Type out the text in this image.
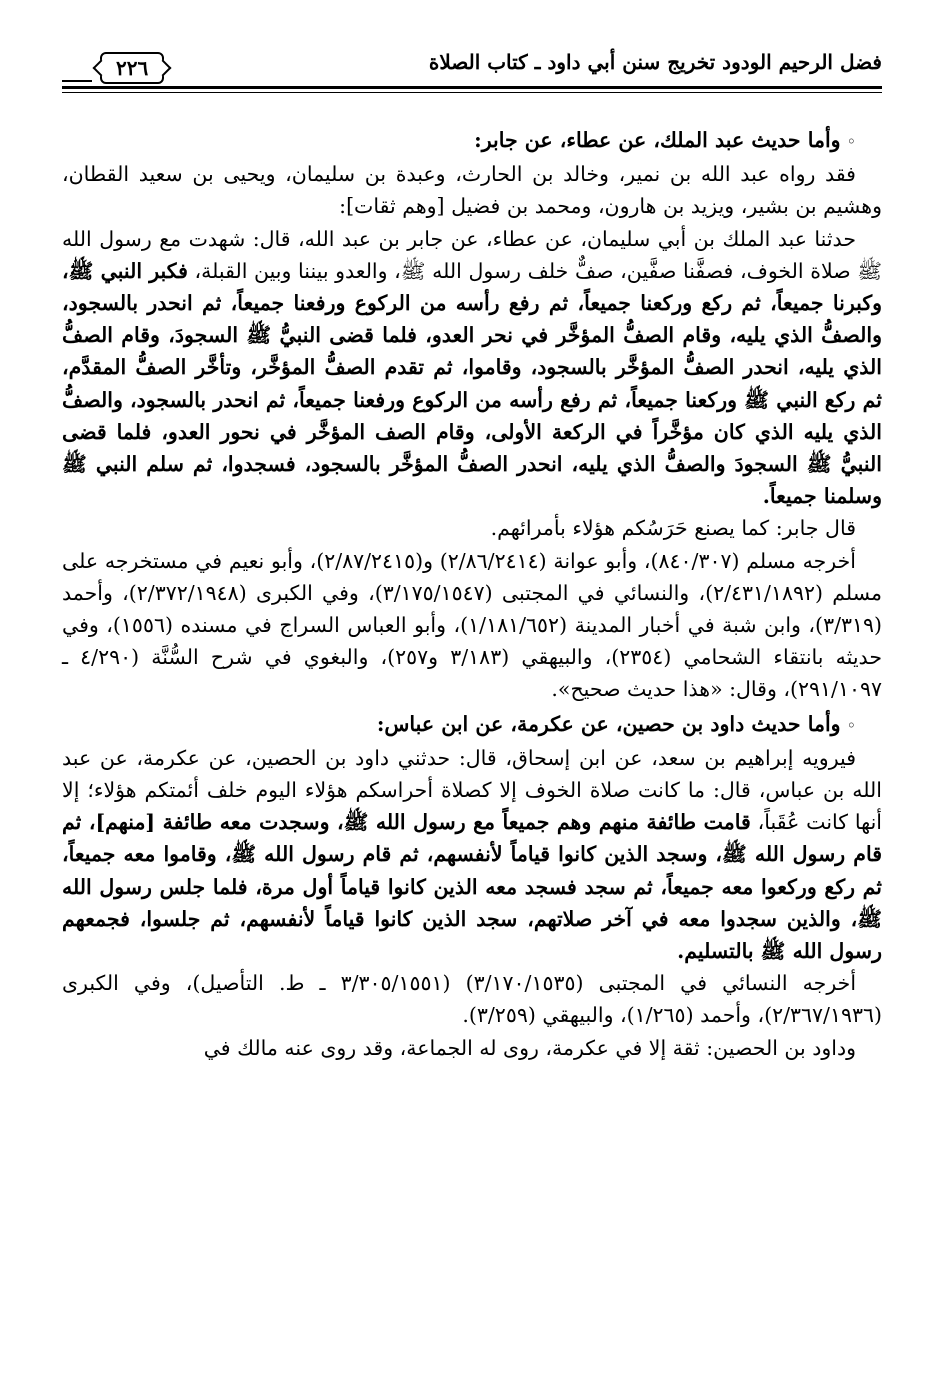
فضل الرحيم الودود تخريج سنن أبي داود ـ كتاب الصلاة
٢٢٦

◦وأما حديث عبد الملك، عن عطاء، عن جابر:

فقد رواه عبد الله بن نمير، وخالد بن الحارث، وعبدة بن سليمان، ويحيى بن سعيد القطان، وهشيم بن بشير، ويزيد بن هارون، ومحمد بن فضيل [وهم ثقات]:

حدثنا عبد الملك بن أبي سليمان، عن عطاء، عن جابر بن عبد الله، قال: شهدت مع رسول الله ﷺ صلاة الخوف، فصفَّنا صفَّين، صفٌّ خلف رسول الله ﷺ، والعدو بيننا وبين القبلة، فكبر النبي ﷺ، وكبرنا جميعاً، ثم ركع وركعنا جميعاً، ثم رفع رأسه من الركوع ورفعنا جميعاً، ثم انحدر بالسجود، والصفُّ الذي يليه، وقام الصفُّ المؤخَّر في نحر العدو، فلما قضى النبيُّ ﷺ السجودَ، وقام الصفُّ الذي يليه، انحدر الصفُّ المؤخَّر بالسجود، وقاموا، ثم تقدم الصفُّ المؤخَّر، وتأخَّر الصفُّ المقدَّم، ثم ركع النبي ﷺ وركعنا جميعاً، ثم رفع رأسه من الركوع ورفعنا جميعاً، ثم انحدر بالسجود، والصفُّ الذي يليه الذي كان مؤخَّراً في الركعة الأولى، وقام الصف المؤخَّر في نحور العدو، فلما قضى النبيُّ ﷺ السجودَ والصفُّ الذي يليه، انحدر الصفُّ المؤخَّر بالسجود، فسجدوا، ثم سلم النبي ﷺ وسلمنا جميعاً.

قال جابر: كما يصنع حَرَسُكم هؤلاء بأمرائهم.

أخرجه مسلم (٨٤٠/٣٠٧)، وأبو عوانة (٢/٨٦/٢٤١٤) و(٢/٨٧/٢٤١٥)، وأبو نعيم في مستخرجه على مسلم (٢/٤٣١/١٨٩٢)، والنسائي في المجتبى (٣/١٧٥/١٥٤٧)، وفي الكبرى (٢/٣٧٢/١٩٤٨)، وأحمد (٣/٣١٩)، وابن شبة في أخبار المدينة (١/١٨١/٦٥٢)، وأبو العباس السراج في مسنده (١٥٥٦)، وفي حديثه بانتقاء الشحامي (٢٣٥٤)، والبيهقي (٣/١٨٣ و٢٥٧)، والبغوي في شرح السُّنَّة (٤/٢٩٠ ـ ٢٩١/١٠٩٧)، وقال: «هذا حديث صحيح».

◦وأما حديث داود بن حصين، عن عكرمة، عن ابن عباس:

فيرويه إبراهيم بن سعد، عن ابن إسحاق، قال: حدثني داود بن الحصين، عن عكرمة، عن عبد الله بن عباس، قال: ما كانت صلاة الخوف إلا كصلاة أحراسكم هؤلاء اليوم خلف أئمتكم هؤلاء؛ إلا أنها كانت عُقَباً، قامت طائفة منهم وهم جميعاً مع رسول الله ﷺ، وسجدت معه طائفة [منهم]، ثم قام رسول الله ﷺ، وسجد الذين كانوا قياماً لأنفسهم، ثم قام رسول الله ﷺ، وقاموا معه جميعاً، ثم ركع وركعوا معه جميعاً، ثم سجد فسجد معه الذين كانوا قياماً أول مرة، فلما جلس رسول الله ﷺ، والذين سجدوا معه في آخر صلاتهم، سجد الذين كانوا قياماً لأنفسهم، ثم جلسوا، فجمعهم رسول الله ﷺ بالتسليم.

أخرجه النسائي في المجتبى (٣/١٧٠/١٥٣٥) (٣/٣٠٥/١٥٥١ ـ ط. التأصيل)، وفي الكبرى (٢/٣٦٧/١٩٣٦)، وأحمد (١/٢٦٥)، والبيهقي (٣/٢٥٩).

وداود بن الحصين: ثقة إلا في عكرمة، روى له الجماعة، وقد روى عنه مالك في
